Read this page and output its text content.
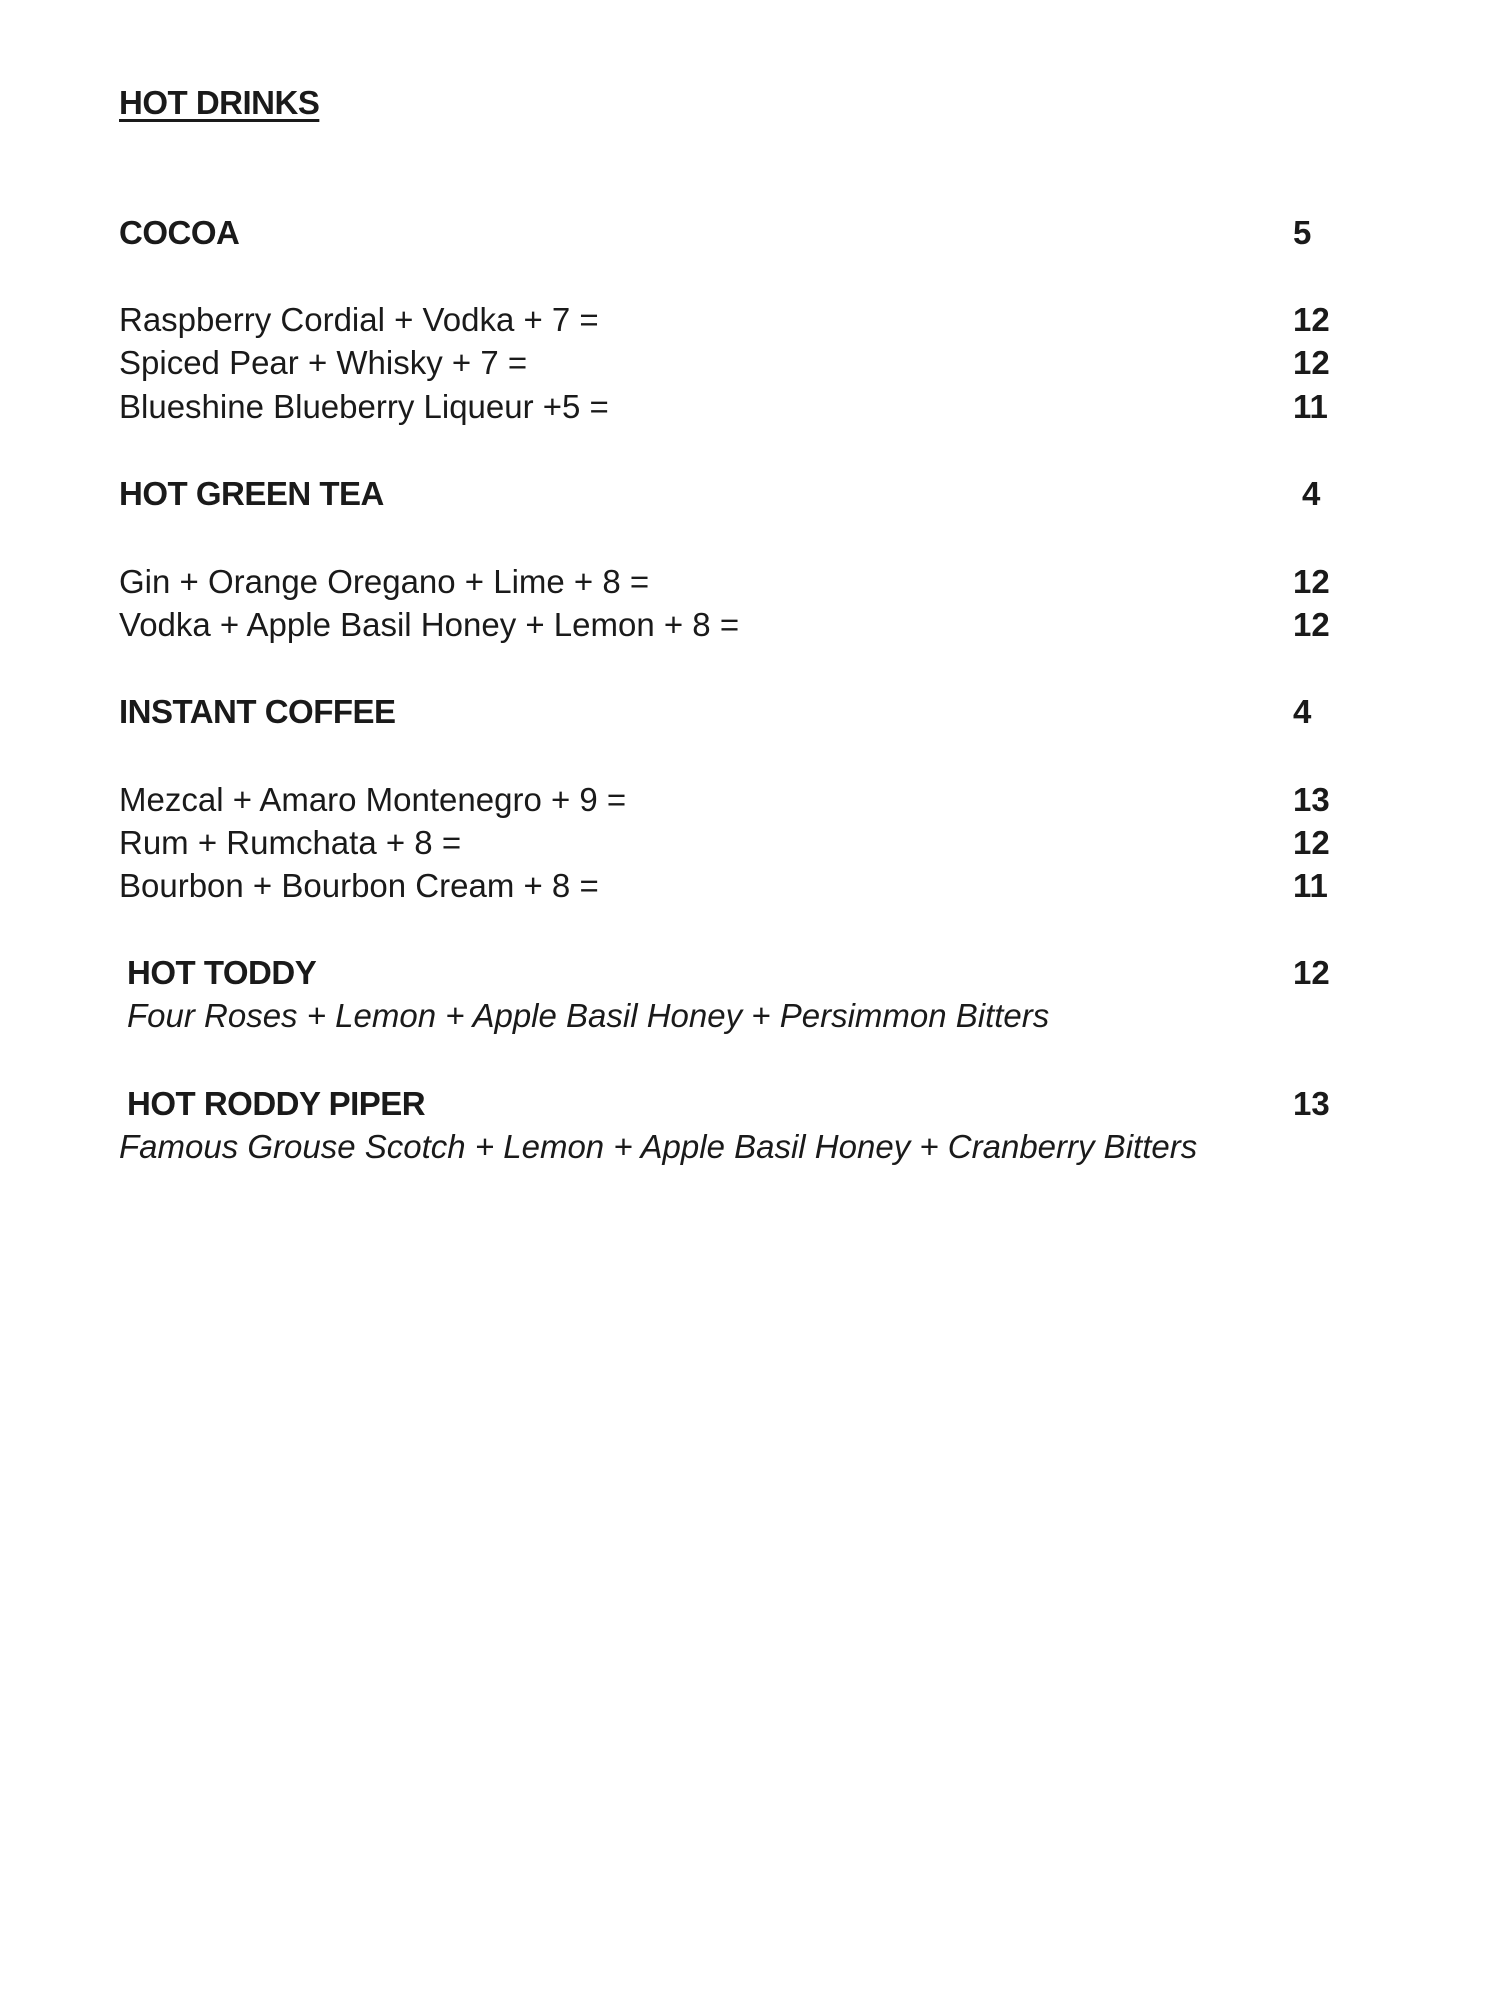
HOT DRINKS
COCOA	5
Raspberry Cordial + Vodka + 7 =	12
Spiced Pear + Whisky + 7 =	12
Blueshine Blueberry Liqueur +5 =	11
HOT GREEN TEA	4
Gin + Orange Oregano + Lime + 8 =	12
Vodka + Apple Basil Honey + Lemon + 8 =	12
INSTANT COFFEE	4
Mezcal + Amaro Montenegro + 9 =	13
Rum + Rumchata + 8 =	12
Bourbon + Bourbon Cream + 8 =	11
HOT TODDY	12
Four Roses + Lemon + Apple Basil Honey + Persimmon Bitters
HOT RODDY PIPER	13
Famous Grouse Scotch + Lemon + Apple Basil Honey + Cranberry Bitters
